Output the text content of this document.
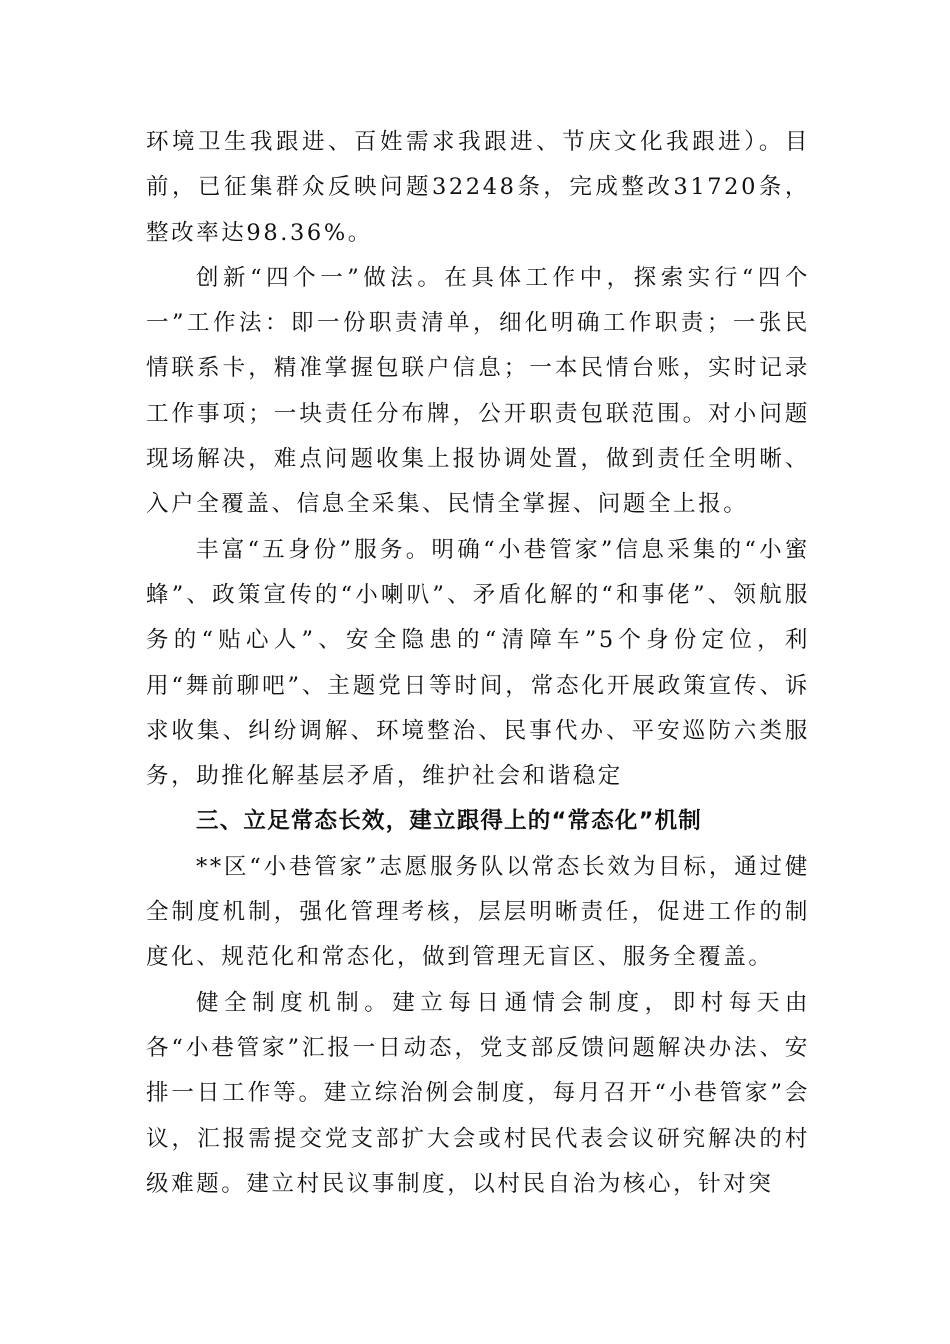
环境卫生我跟进、百姓需求我跟进、节庆文化我跟进）。目前，已征集群众反映问题32248条，完成整改31720条，整改率达98.36%。

创新“四个一”做法。在具体工作中，探索实行“四个一”工作法：即一份职责清单，细化明确工作职责；一张民情联系卡，精准掌握包联户信息；一本民情台账，实时记录工作事项；一块责任分布牌，公开职责包联范围。对小问题现场解决，难点问题收集上报协调处置，做到责任全明晰、入户全覆盖、信息全采集、民情全掌握、问题全上报。

丰富“五身份”服务。明确“小巷管家”信息采集的“小蜜蜂”、政策宣传的“小喇叭”、矛盾化解的“和事佬”、领航服务的“贴心人”、安全隐患的“清障车”5个身份定位，利用“舞前聊吧”、主题党日等时间，常态化开展政策宣传、诉求收集、纠纷调解、环境整治、民事代办、平安巡防六类服务，助推化解基层矛盾，维护社会和谐稳定

三、立足常态长效，建立跟得上的“常态化”机制

**区“小巷管家”志愿服务队以常态长效为目标，通过健全制度机制，强化管理考核，层层明晰责任，促进工作的制度化、规范化和常态化，做到管理无盲区、服务全覆盖。

健全制度机制。建立每日通情会制度，即村每天由各“小巷管家”汇报一日动态，党支部反馈问题解决办法、安排一日工作等。建立综治例会制度，每月召开“小巷管家”会议，汇报需提交党支部扩大会或村民代表会议研究解决的村级难题。建立村民议事制度，以村民自治为核心，针对突
